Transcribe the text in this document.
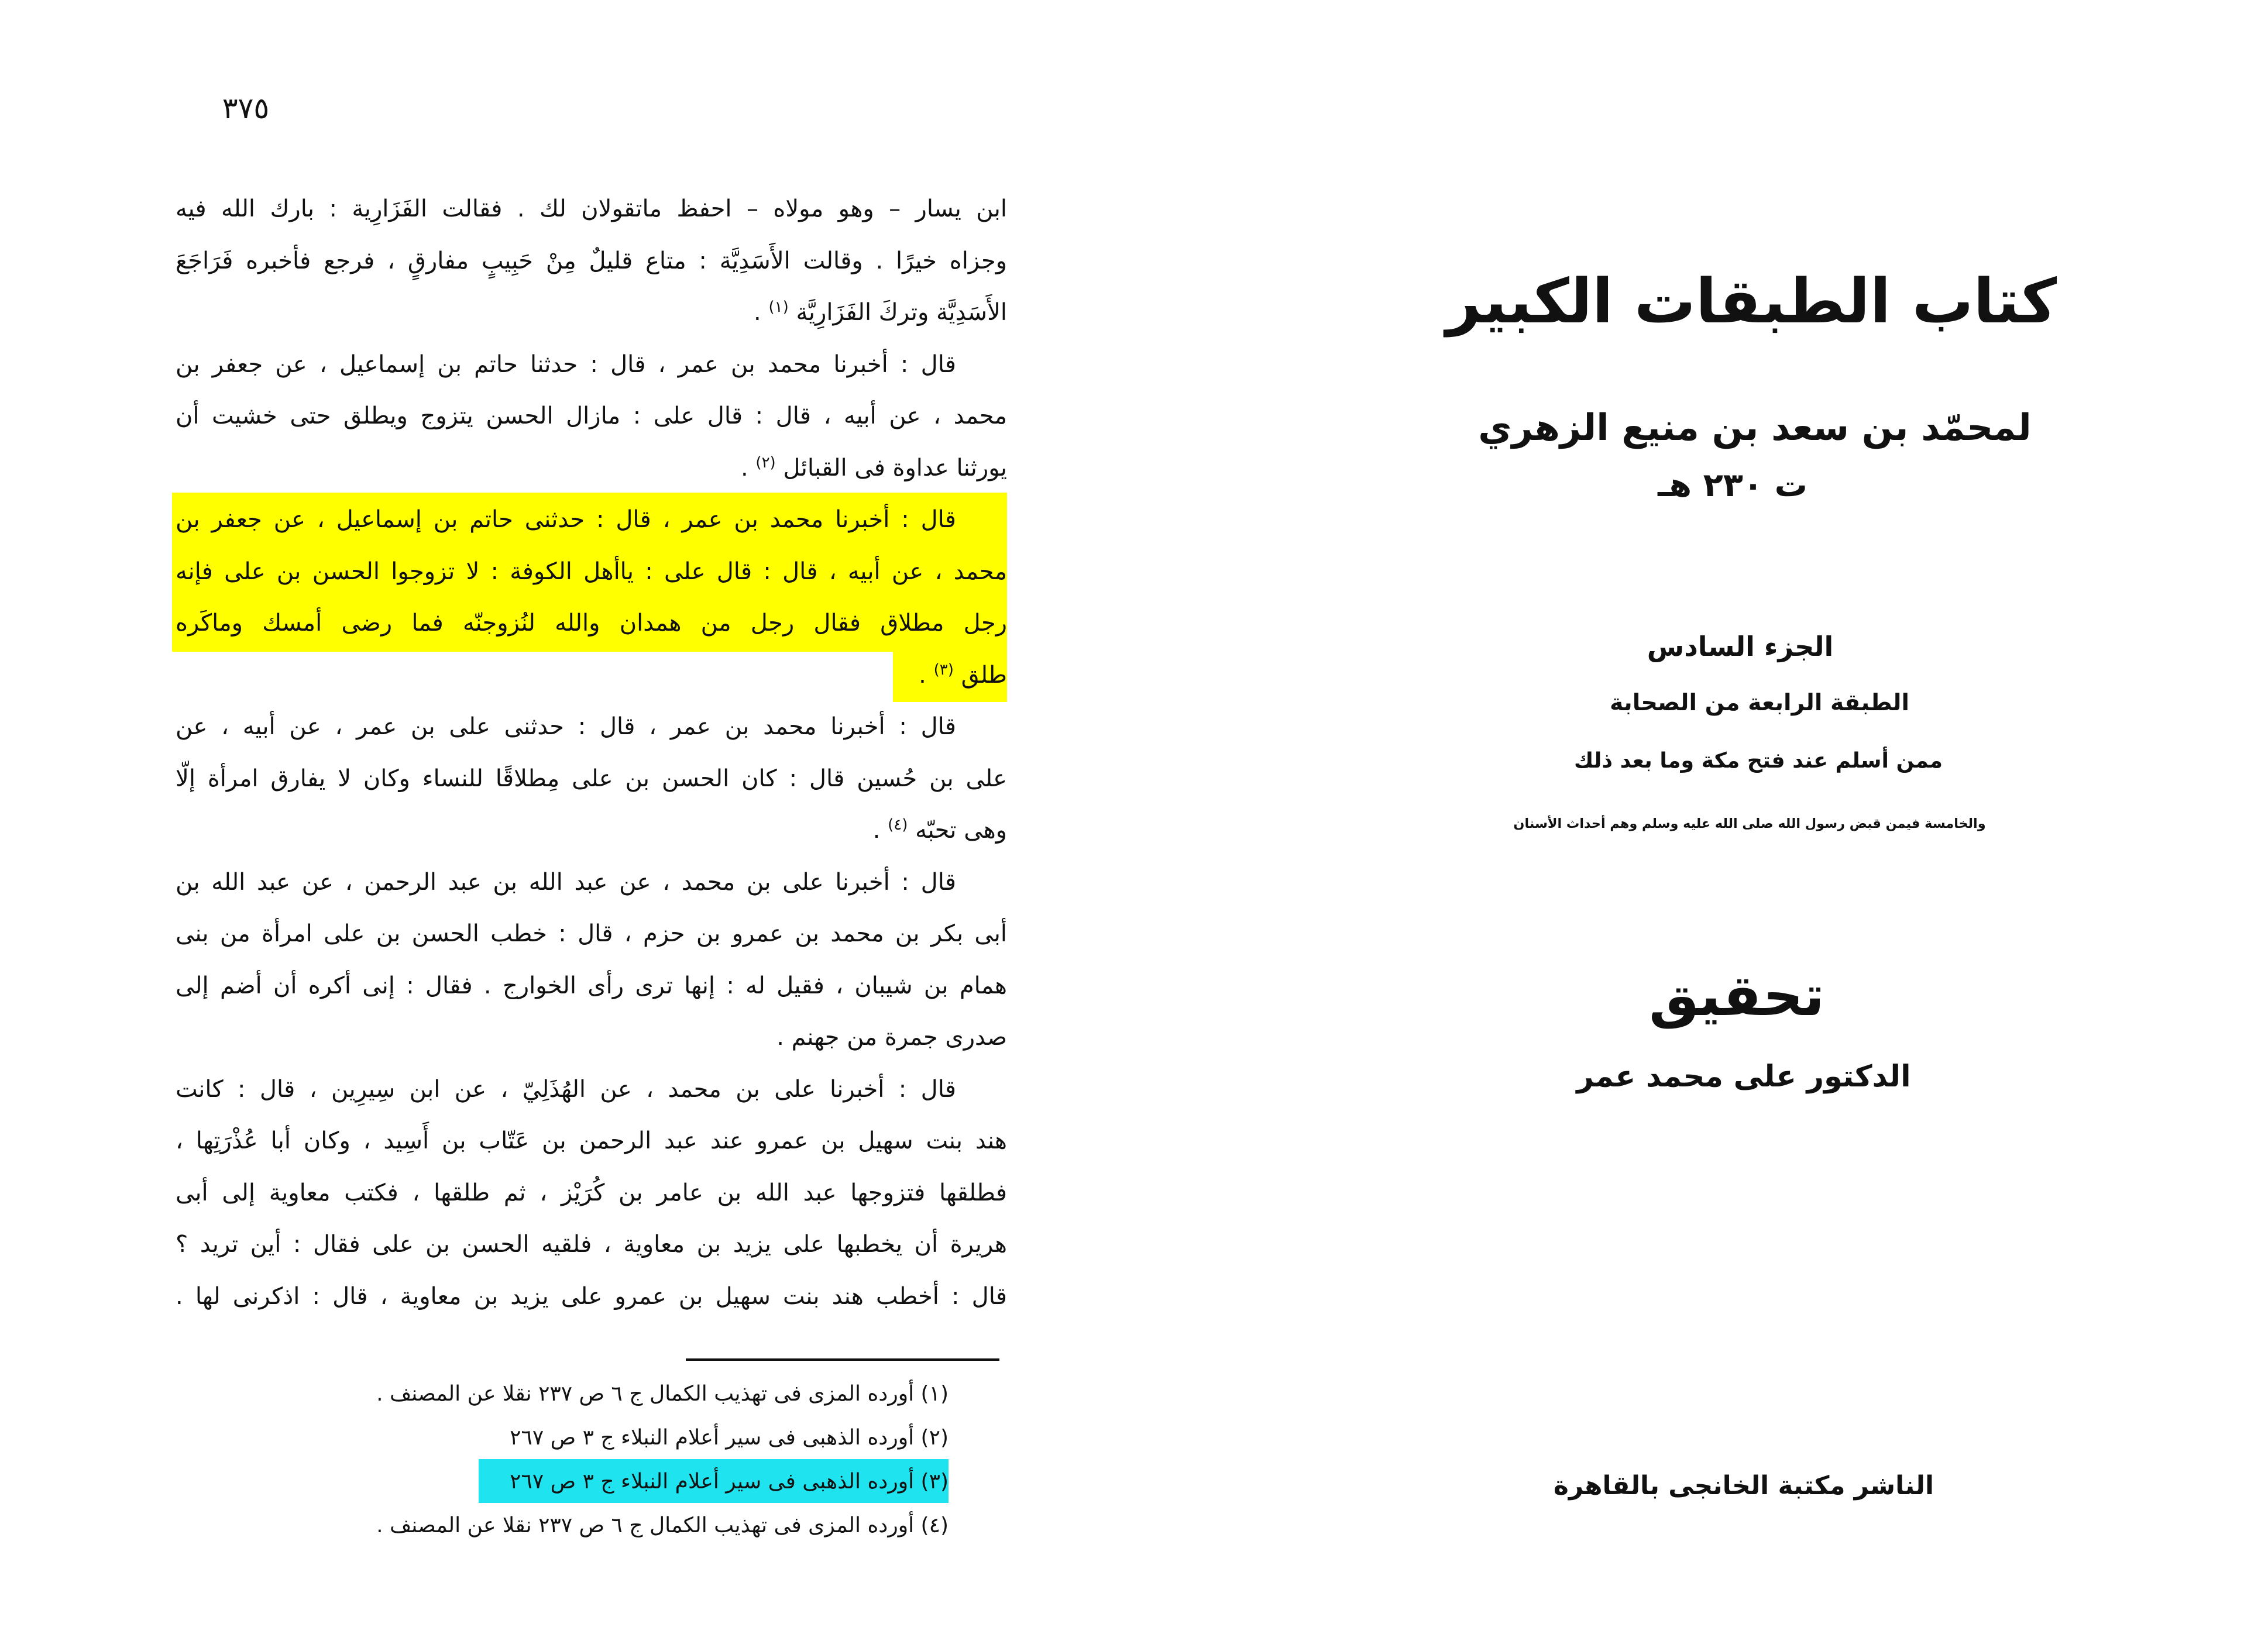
٣٧٥
ابن يسار – وهو مولاه – احفظ ماتقولان لك . فقالت الفَزَارِية : بارك الله فيه
وجزاه خيرًا . وقالت الأَسَدِيَّة : متاع قليلٌ مِنْ حَبِيبٍ مفارقٍ ، فرجع فأخبره فَرَاجَعَ
الأَسَدِيَّة وتركَ الفَزَارِيَّة $^{(١)}$ .
قال : أخبرنا محمد بن عمر ، قال : حدثنا حاتم بن إسماعيل ، عن جعفر بن
محمد ، عن أبيه ، قال : قال على : مازال الحسن يتزوج ويطلق حتى خشيت أن
يورثنا عداوة فى القبائل $^{(٢)}$ .
قال : أخبرنا محمد بن عمر ، قال : حدثنى حاتم بن إسماعيل ، عن جعفر بن
محمد ، عن أبيه ، قال : قال على : ياأهل الكوفة : لا تزوجوا الحسن بن على فإنه
رجل مطلاق فقال رجل من همدان والله لنُزوجنّه فما رضى أمسك وماكَره
طلق $^{(٣)}$ .
قال : أخبرنا محمد بن عمر ، قال : حدثنى على بن عمر ، عن أبيه ، عن
على بن حُسين قال : كان الحسن بن على مِطلاقًا للنساء وكان لا يفارق امرأة إلّا
وهى تحبّه $^{(٤)}$ .
قال : أخبرنا على بن محمد ، عن عبد الله بن عبد الرحمن ، عن عبد الله بن
أبى بكر بن محمد بن عمرو بن حزم ، قال : خطب الحسن بن على امرأة من بنى
همام بن شيبان ، فقيل له : إنها ترى رأى الخوارج . فقال : إنى أكره أن أضم إلى
صدرى جمرة من جهنم .
قال : أخبرنا على بن محمد ، عن الهُذَلِيّ ، عن ابن سِيرِين ، قال : كانت
هند بنت سهيل بن عمرو عند عبد الرحمن بن عَتّاب بن أَسِيد ، وكان أبا عُذْرَتِها ،
فطلقها فتزوجها عبد الله بن عامر بن كُرَيْز ، ثم طلقها ، فكتب معاوية إلى أبى
هريرة أن يخطبها على يزيد بن معاوية ، فلقيه الحسن بن على فقال : أين تريد ؟
قال : أخطب هند بنت سهيل بن عمرو على يزيد بن معاوية ، قال : اذكرنى لها .
(١) أورده المزى فى تهذيب الكمال ج ٦ ص ٢٣٧ نقلا عن المصنف .
(٢) أورده الذهبى فى سير أعلام النبلاء ج ٣ ص ٢٦٧
(٣) أورده الذهبى فى سير أعلام النبلاء ج ٣ ص ٢٦٧
(٤) أورده المزى فى تهذيب الكمال ج ٦ ص ٢٣٧ نقلا عن المصنف .
كتاب الطبقات الكبير
لمحمّد بن سعد بن منيع الزهري
ت ٢٣٠ هـ
الجزء السادس
الطبقة الرابعة من الصحابة
ممن أسلم عند فتح مكة وما بعد ذلك
والخامسة فيمن قبض رسول الله صلى الله عليه وسلم وهم أحداث الأسنان
تحقيق
الدكتور على محمد عمر
الناشر مكتبة الخانجى بالقاهرة
